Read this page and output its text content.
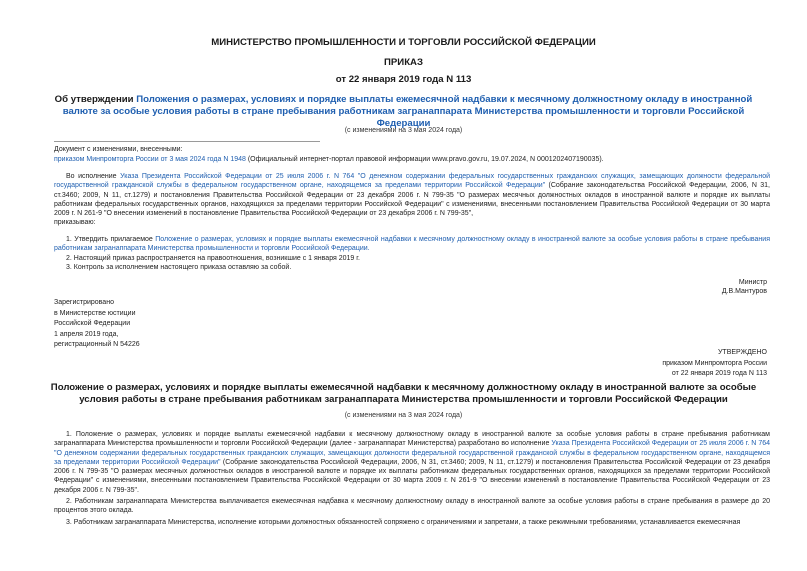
МИНИСТЕРСТВО ПРОМЫШЛЕННОСТИ И ТОРГОВЛИ РОССИЙСКОЙ ФЕДЕРАЦИИ
ПРИКАЗ
от 22 января 2019 года N 113
Об утверждении Положения о размерах, условиях и порядке выплаты ежемесячной надбавки к месячному должностному окладу в иностранной валюте за особые условия работы в стране пребывания работникам загранаппарата Министерства промышленности и торговли Российской Федерации
(с изменениями на 3 мая 2024 года)
Документ с изменениями, внесенными:
приказом Минпромторга России от 3 мая 2024 года N 1948 (Официальный интернет-портал правовой информации www.pravo.gov.ru, 19.07.2024, N 0001202407190035).

Во исполнение Указа Президента Российской Федерации от 25 июля 2006 г. N 764 "О денежном содержании федеральных государственных гражданских служащих, замещающих должности федеральной государственной гражданской службы в федеральном государственном органе, находящемся за пределами территории Российской Федерации" (Собрание законодательства Российской Федерации, 2006, N 31, ст.3460; 2009, N 11, ст.1279) и постановления Правительства Российской Федерации от 23 декабря 2006 г. N 799-35 "О размерах месячных должностных окладов в иностранной валюте и порядке их выплаты работникам федеральных государственных органов, находящихся за пределами территории Российской Федерации" с изменениями, внесенными постановлением Правительства Российской Федерации от 30 марта 2009 г. N 261-9 "О внесении изменений в постановление Правительства Российской Федерации от 23 декабря 2006 г. N 799-35",

приказываю:

1. Утвердить прилагаемое Положение о размерах, условиях и порядке выплаты ежемесячной надбавки к месячному должностному окладу в иностранной валюте за особые условия работы в стране пребывания работникам загранаппарата Министерства промышленности и торговли Российской Федерации.

2. Настоящий приказ распространяется на правоотношения, возникшие с 1 января 2019 г.

3. Контроль за исполнением настоящего приказа оставляю за собой.

Министр

Д.В.Мантуров

Зарегистрировано

в Министерстве юстиции

Российской Федерации

1 апреля 2019 года,

регистрационный N 54226

УТВЕРЖДЕНО

приказом Минпромторга России

от 22 января 2019 года N 113

Положение о размерах, условиях и порядке выплаты ежемесячной надбавки к месячному должностному окладу в иностранной валюте за особые условия работы в стране пребывания работникам загранаппарата Министерства промышленности и торговли Российской Федерации
(с изменениями на 3 мая 2024 года)

1. Положение о размерах, условиях и порядке выплаты ежемесячной надбавки к месячному должностному окладу в иностранной валюте за особые условия работы в стране пребывания работникам загранаппарата Министерства промышленности и торговли Российской Федерации (далее - загранаппарат Министерства) разработано во исполнение Указа Президента Российской Федерации от 25 июля 2006 г. N 764 "О денежном содержании федеральных государственных гражданских служащих, замещающих должности федеральной государственной гражданской службы в федеральном государственном органе, находящемся за пределами территории Российской Федерации" (Собрание законодательства Российской Федерации, 2006, N 31, ст.3460; 2009, N 11, ст.1279) и постановления Правительства Российской Федерации от 23 декабря 2006 г. N 799-35 "О размерах месячных должностных окладов в иностранной валюте и порядке их выплаты работникам федеральных государственных органов, находящихся за пределами территории Российской Федерации" с изменениями, внесенными постановлением Правительства Российской Федерации от 30 марта 2009 г. N 261-9 "О внесении изменений в постановление Правительства Российской Федерации от 23 декабря 2006 г. N 799-35".

2. Работникам загранаппарата Министерства выплачивается ежемесячная надбавка к месячному должностному окладу в иностранной валюте за особые условия работы в стране пребывания в размере до 20 процентов этого оклада.

3. Работникам загранаппарата Министерства, исполнение которыми должностных обязанностей сопряжено с ограничениями и запретами, а также режимными требованиями, устанавливается ежемесячная
